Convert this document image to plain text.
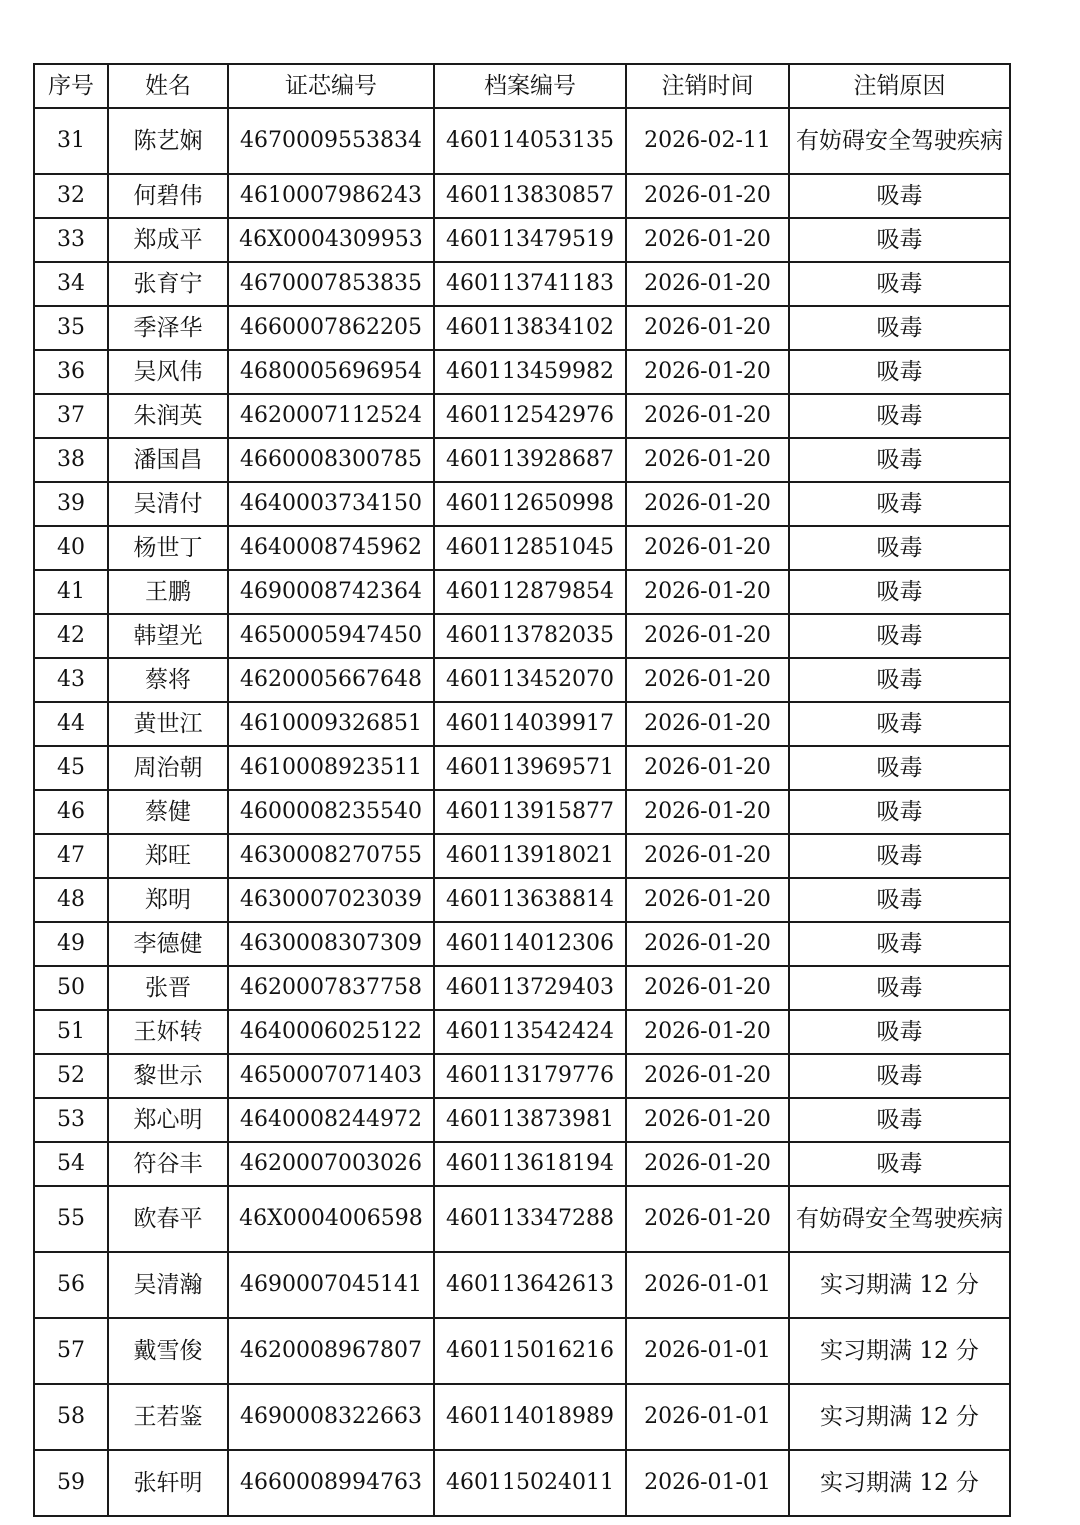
序号	姓名	证芯编号	档案编号	注销时间	注销原因
31	陈艺娴	4670009553834	460114053135	2026-02-11	有妨碍安全驾驶疾病
32	何碧伟	4610007986243	460113830857	2026-01-20	吸毒
33	郑成平	46X0004309953	460113479519	2026-01-20	吸毒
34	张育宁	4670007853835	460113741183	2026-01-20	吸毒
35	季泽华	4660007862205	460113834102	2026-01-20	吸毒
36	吴风伟	4680005696954	460113459982	2026-01-20	吸毒
37	朱润英	4620007112524	460112542976	2026-01-20	吸毒
38	潘国昌	4660008300785	460113928687	2026-01-20	吸毒
39	吴清付	4640003734150	460112650998	2026-01-20	吸毒
40	杨世丁	4640008745962	460112851045	2026-01-20	吸毒
41	王鹏	4690008742364	460112879854	2026-01-20	吸毒
42	韩望光	4650005947450	460113782035	2026-01-20	吸毒
43	蔡将	4620005667648	460113452070	2026-01-20	吸毒
44	黄世江	4610009326851	460114039917	2026-01-20	吸毒
45	周治朝	4610008923511	460113969571	2026-01-20	吸毒
46	蔡健	4600008235540	460113915877	2026-01-20	吸毒
47	郑旺	4630008270755	460113918021	2026-01-20	吸毒
48	郑明	4630007023039	460113638814	2026-01-20	吸毒
49	李德健	4630008307309	460114012306	2026-01-20	吸毒
50	张晋	4620007837758	460113729403	2026-01-20	吸毒
51	王妚转	4640006025122	460113542424	2026-01-20	吸毒
52	黎世示	4650007071403	460113179776	2026-01-20	吸毒
53	郑心明	4640008244972	460113873981	2026-01-20	吸毒
54	符谷丰	4620007003026	460113618194	2026-01-20	吸毒
55	欧春平	46X0004006598	460113347288	2026-01-20	有妨碍安全驾驶疾病
56	吴清瀚	4690007045141	460113642613	2026-01-01	实习期满 12 分
57	戴雪俊	4620008967807	460115016216	2026-01-01	实习期满 12 分
58	王若鉴	4690008322663	460114018989	2026-01-01	实习期满 12 分
59	张轩明	4660008994763	460115024011	2026-01-01	实习期满 12 分
